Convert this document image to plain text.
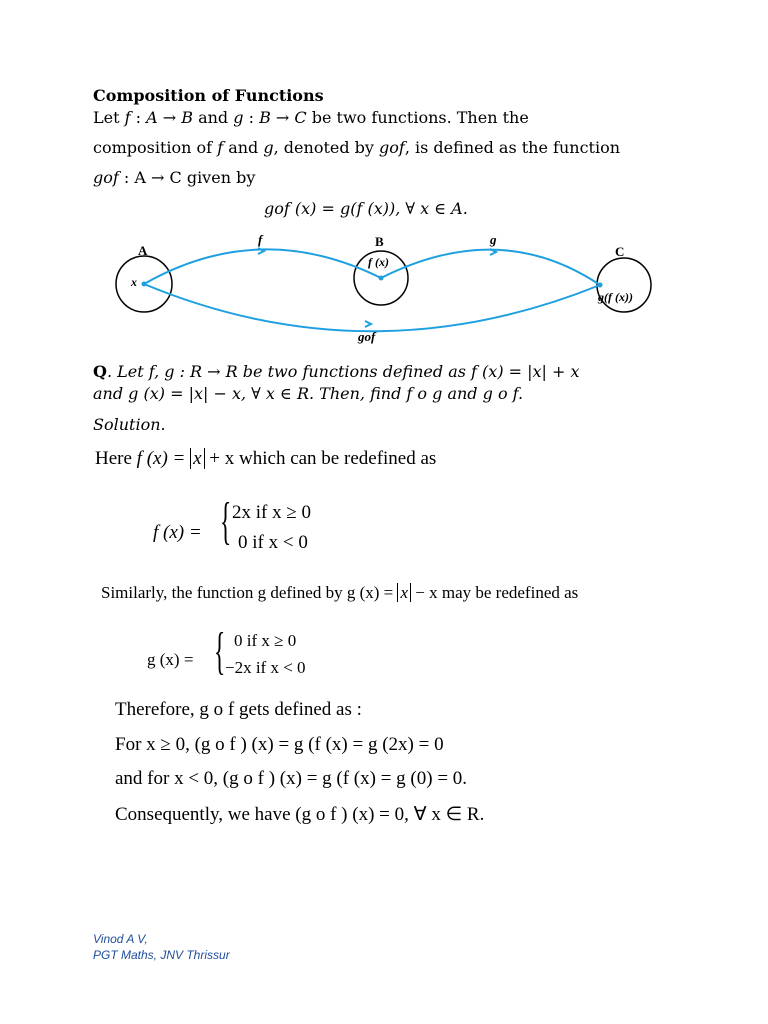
Composition of Functions
Let f : A → B and g : B → C be two functions. Then the
composition of f and g, denoted by gof, is defined as the function
gof : A → C given by
gof (x) = g(f (x)), ∀ x ∈ A.
A
B
C
x
f (x)
g(f (x))
f	g
gof
Q. Let f, g : R → R be two functions defined as f (x) = |x| + x
and g (x) = |x| − x, ∀ x ∈ R. Then, find f o g and g o f.
Solution.
Here f (x) = x + x which can be redefined as
f (x) = { 2x if x ≥ 0
0 if x < 0
Similarly, the function g defined by g (x) = x − x may be redefined as
g (x) = { 0 if x ≥ 0
−2x if x < 0
Therefore, g o f gets defined as :
For x ≥ 0, (g o f ) (x) = g (f (x) = g (2x) = 0
and for x < 0, (g o f ) (x) = g (f (x) = g (0) = 0.
Consequently, we have (g o f ) (x) = 0, ∀ x ∈ R.
Vinod A V,
PGT Maths, JNV Thrissur
